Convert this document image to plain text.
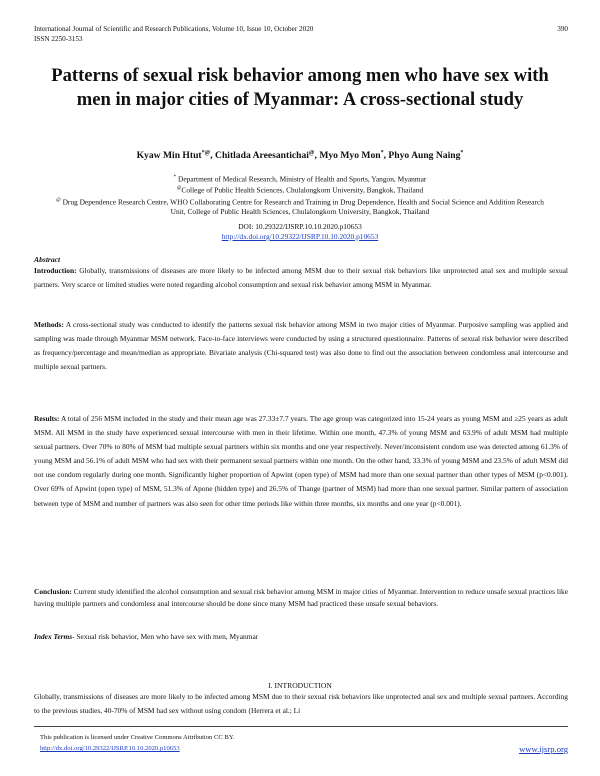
International Journal of Scientific and Research Publications, Volume 10, Issue 10, October 2020
ISSN 2250-3153
390
Patterns of sexual risk behavior among men who have sex with men in major cities of Myanmar: A cross-sectional study
Kyaw Min Htut*@, Chitlada Areesantichai@, Myo Myo Mon*, Phyo Aung Naing*
* Department of Medical Research, Ministry of Health and Sports, Yangon, Myanmar
@College of Public Health Sciences, Chulalongkorn University, Bangkok, Thailand
@ Drug Dependence Research Centre, WHO Collaborating Centre for Research and Training in Drug Dependence, Health and Social Science and Addition Research Unit, College of Public Health Sciences, Chulalongkorn University, Bangkok, Thailand
DOI: 10.29322/IJSRP.10.10.2020.p10653
http://dx.doi.org/10.29322/IJSRP.10.10.2020.p10653
Abstract
Introduction: Globally, transmissions of diseases are more likely to be infected among MSM due to their sexual risk behaviors like unprotected anal sex and multiple sexual partners. Very scarce or limited studies were noted regarding alcohol consumption and sexual risk behavior among MSM in Myanmar.
Methods: A cross-sectional study was conducted to identify the patterns sexual risk behavior among MSM in two major cities of Myanmar. Purposive sampling was applied and sampling was made through Myanmar MSM network. Face-to-face interviews were conducted by using a structured questionnaire. Patterns of sexual risk behavior were described as frequency/percentage and mean/median as appropriate. Bivariate analysis (Chi-squared test) was also done to find out the association between condomless anal intercourse and multiple sexual partners.
Results: A total of 256 MSM included in the study and their mean age was 27.33±7.7 years. The age group was categorized into 15-24 years as young MSM and ≥25 years as adult MSM. All MSM in the study have experienced sexual intercourse with men in their lifetime. Within one month, 47.3% of young MSM and 63.9% of adult MSM had multiple sexual partners. Over 70% to 80% of MSM had multiple sexual partners within six months and one year respectively. Never/inconsistent condom use was detected among 61.3% of young MSM and 56.1% of adult MSM who had sex with their permanent sexual partners within one month. On the other hand, 33.3% of young MSM and 23.5% of adult MSM did not use condom regularly during one month. Significantly higher proportion of Apwint (open type) of MSM had more than one sexual partner than other types of MSM (p<0.001). Over 69% of Apwint (open type) of MSM, 51.3% of Apone (hidden type) and 26.5% of Thange (partner of MSM) had more than one sexual partner. Similar pattern of association between type of MSM and number of partners was also seen for other time periods like within three months, six months and one year (p<0.001).
Conclusion: Current study identified the alcohol consumption and sexual risk behavior among MSM in major cities of Myanmar. Intervention to reduce unsafe sexual practices like having multiple partners and condomless anal intercourse should be done since many MSM had practiced these unsafe sexual behaviors.
Index Terms- Sexual risk behavior, Men who have sex with men, Myanmar
I. INTRODUCTION
Globally, transmissions of diseases are more likely to be infected among MSM due to their sexual risk behaviors like unprotected anal sex and multiple sexual partners. According to the previous studies, 40-70% of MSM had sex without using condom (Herrera et al.; Li
This publication is licensed under Creative Commons Attribution CC BY.
http://dx.doi.org/10.29322/IJSRP.10.10.2020.p10653	www.ijsrp.org
